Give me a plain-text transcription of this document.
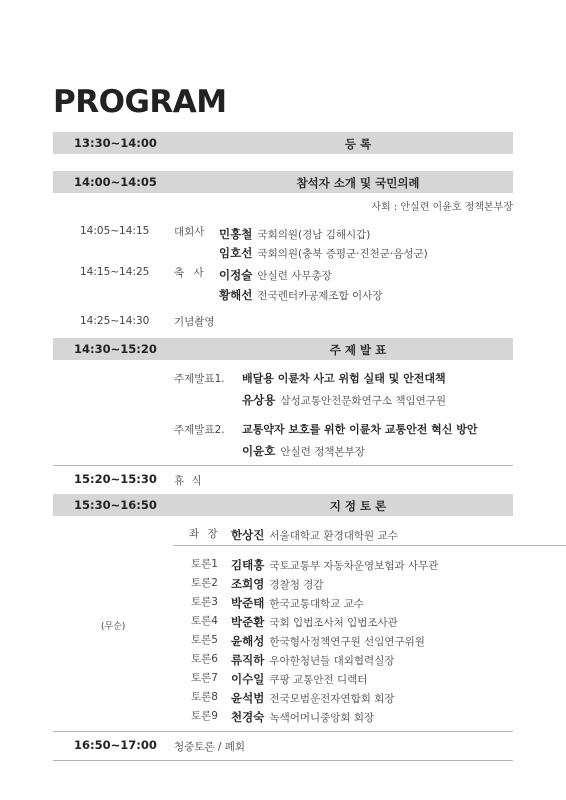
PROGRAM
13:30~14:00	등 록
14:00~14:05	참석자 소개 및 국민의례
사회 : 안실련 이윤호 정책본부장
14:05~14:15 대회사 민홍철 국회의원(경남 김해시갑)
임호선 국회의원(충북 증평군·진천군·음성군)
14:15~14:25 축 사 이정술 안실련 사무총장
황해선 전국렌터카공제조합 이사장
14:25~14:30 기념촬영
14:30~15:20	주 제 발 표
주제발표1. 배달용 이륜차 사고 위험 실태 및 안전대책
유상용 삼성교통안전문화연구소 책임연구원
주제발표2. 교통약자 보호를 위한 이륜차 교통안전 혁신 방안
이윤호 안실련 정책본부장
15:20~15:30 휴 식
15:30~16:50	지 정 토 론
좌 장 한상진 서울대학교 환경대학원 교수
(무순)
토론1 김태홍 국토교통부 자동차운영보험과 사무관
토론2 조희영 경찰청 경감
토론3 박준태 한국교통대학교 교수
토론4 박준환 국회 입법조사처 입법조사관
토론5 윤해성 한국형사정책연구원 선임연구위원
토론6 류직하 우아한청년들 대외협력실장
토론7 이수일 쿠팡 교통안전 디렉터
토론8 윤석범 전국모범운전자연합회 회장
토론9 천경숙 녹색어머니중앙회 회장
16:50~17:00 청중토론 / 폐회
